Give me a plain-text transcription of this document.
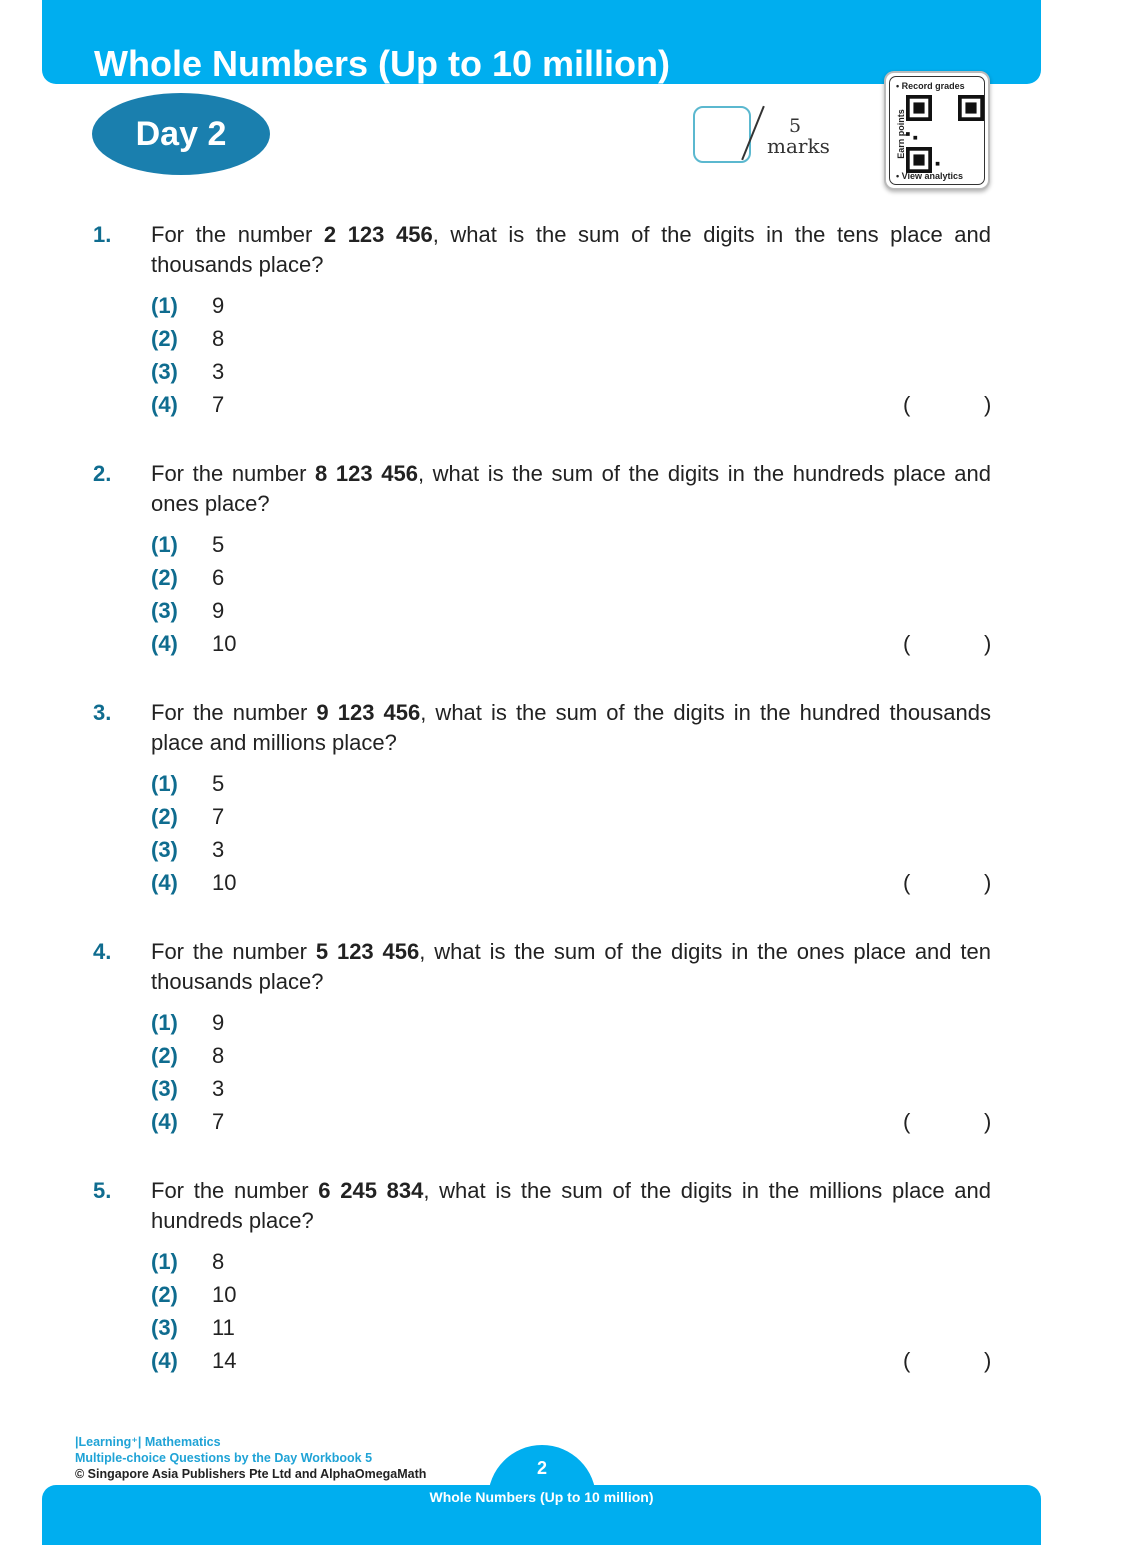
Whole Numbers (Up to 10 million)
Day 2	5
marks
• Record grades
Earn points
• View analytics
1. For the number 2 123 456, what is the sum of the digits in the tens place and thousands place?
(1) 9
(2) 8
(3) 3
(4) 7	(	)
2. For the number 8 123 456, what is the sum of the digits in the hundreds place and ones place?
(1) 5
(2) 6
(3) 9
(4) 10	(	)
3. For the number 9 123 456, what is the sum of the digits in the hundred thousands place and millions place?
(1) 5
(2) 7
(3) 3
(4) 10	(	)
4. For the number 5 123 456, what is the sum of the digits in the ones place and ten thousands place?
(1) 9
(2) 8
(3) 3
(4) 7	(	)
5. For the number 6 245 834, what is the sum of the digits in the millions place and hundreds place?
(1) 8
(2) 10
(3) 11
(4) 14	(	)
|Learning⁺| Mathematics
Multiple-choice Questions by the Day Workbook 5
© Singapore Asia Publishers Pte Ltd and AlphaOmegaMath	2
Whole Numbers (Up to 10 million)
